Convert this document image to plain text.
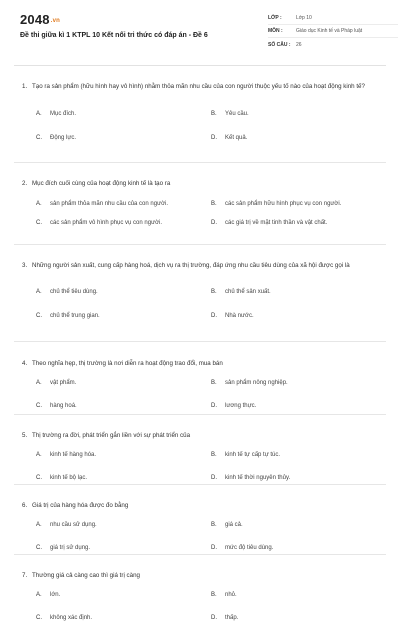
2048.vn
Đề thi giữa kì 1 KTPL 10 Kết nối tri thức có đáp án - Đề 6
LỚP :	Lớp 10
MÔN :	Giáo dục Kinh tế và Pháp luật
SỐ CÂU :	26
1. Tạo ra sản phẩm (hữu hình hay vô hình) nhằm thỏa mãn nhu cầu của con người thuộc yếu tố nào của hoạt động kinh tế?
A.	Mục đích.	B.	Yêu cầu.
C.	Động lực.	D.	Kết quả.
2. Mục đích cuối cùng của hoạt động kinh tế là tạo ra
A.	sản phẩm thỏa mãn nhu cầu của con người.	B.	các sản phẩm hữu hình phục vụ con người.
C.	các sản phẩm vô hình phục vụ con người.	D.	các giá trị về mặt tinh thần và vật chất.
3. Những người sản xuất, cung cấp hàng hoá, dịch vụ ra thị trường, đáp ứng nhu cầu tiêu dùng của xã hội được gọi là
A.	chủ thể tiêu dùng.	B.	chủ thể sản xuất.
C.	chủ thể trung gian.	D.	Nhà nước.
4. Theo nghĩa hẹp, thị trường là nơi diễn ra hoạt động trao đổi, mua bán
A.	vật phẩm.	B.	sản phẩm nông nghiệp.
C.	hàng hoá.	D.	lương thực.
5. Thị trường ra đời, phát triển gắn liền với sự phát triển của
A.	kinh tế hàng hóa.	B.	kinh tế tự cấp tự túc.
C.	kinh tế bộ lạc.	D.	kinh tế thời nguyên thủy.
6. Giá trị của hàng hóa được đo bằng
A.	nhu cầu sử dụng.	B.	giá cả.
C.	giá trị sử dụng.	D.	mức độ tiêu dùng.
7. Thường giá cả càng cao thì giá trị càng
A.	lớn.	B.	nhỏ.
C.	không xác định.	D.	thấp.
